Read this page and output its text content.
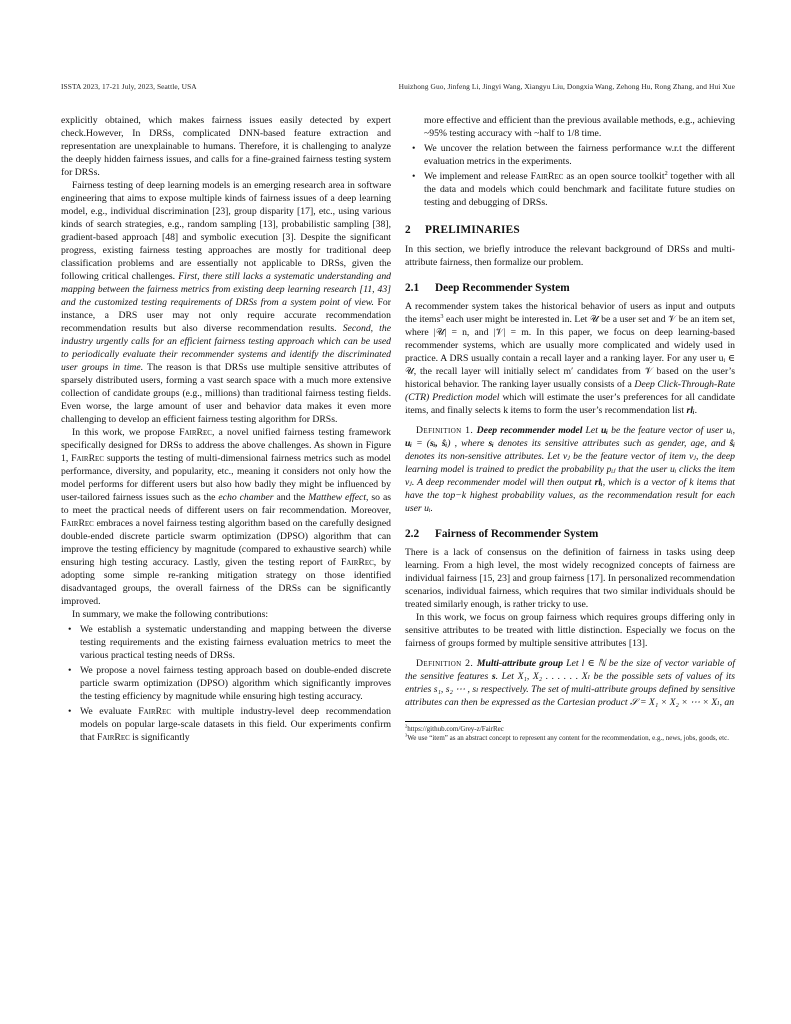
ISSTA 2023, 17-21 July, 2023, Seattle, USA	Huizhong Guo, Jinfeng Li, Jingyi Wang, Xiangyu Liu, Dongxia Wang, Zehong Hu, Rong Zhang, and Hui Xue
explicitly obtained, which makes fairness issues easily detected by expert check.However, In DRSs, complicated DNN-based feature extraction and representation are unexplainable to humans. Therefore, it is challenging to analyze the deeply hidden fairness issues, and calls for a fine-grained fairness testing system for DRSs.
Fairness testing of deep learning models is an emerging research area in software engineering that aims to expose multiple kinds of fairness issues of a deep learning model, e.g., individual discrimination [23], group disparity [17], etc., using various kinds of search strategies, e.g., random sampling [13], probabilistic sampling [38], gradient-based approach [48] and symbolic execution [3]. Despite the significant progress, existing fairness testing approaches are mostly for traditional deep classification problems and are essentially not applicable to DRSs, given the following critical challenges. First, there still lacks a systematic understanding and mapping between the fairness metrics from existing deep learning research [11, 43] and the customized testing requirements of DRSs from a system point of view. For instance, a DRS user may not only require accurate recommendation recommendation results but also diverse recommendation results. Second, the industry urgently calls for an efficient fairness testing approach which can be used to periodically evaluate their recommender systems and identify the discriminated user groups in time. The reason is that DRSs use multiple sensitive attributes of sparsely distributed users, forming a vast search space with a much more extensive collection of candidate groups (e.g., millions) than traditional fairness testing fields. Even worse, the large amount of user and behavior data makes it even more challenging to develop an efficient fairness testing algorithm for DRSs.
In this work, we propose FairRec, a novel unified fairness testing framework specifically designed for DRSs to address the above challenges. As shown in Figure 1, FairRec supports the testing of multi-dimensional fairness metrics such as model performance, diversity, and popularity, etc., meaning it considers not only how the model performs for different users but also how badly they might be influenced by user-tailored fairness issues such as the echo chamber and the Matthew effect, so as to meet the practical needs of different users on fair recommendation. Moreover, FairRec embraces a novel fairness testing algorithm based on the carefully designed double-ended discrete particle swarm optimization (DPSO) algorithm that can improve the testing efficiency by magnitude (compared to exhaustive search) while ensuring high testing accuracy. Lastly, given the testing report of FairRec, by adopting some simple re-ranking mitigation strategy on those identified disadvantaged groups, the overall fairness of the DRSs can be significantly improved.
In summary, we make the following contributions:
• We establish a systematic understanding and mapping between the diverse testing requirements and the existing fairness evaluation metrics to meet the various practical testing needs of DRSs.
• We propose a novel fairness testing approach based on double-ended discrete particle swarm optimization (DPSO) algorithm which significantly improves the testing efficiency by magnitude while ensuring high testing accuracy.
• We evaluate FairRec with multiple industry-level deep recommendation models on popular large-scale datasets in this field. Our experiments confirm that FairRec is significantly
more effective and efficient than the previous available methods, e.g., achieving ~95% testing accuracy with ~half to 1/8 time.
• We uncover the relation between the fairness performance w.r.t the different evaluation metrics in the experiments.
• We implement and release FairRec as an open source toolkit$^2$ together with all the data and models which could benchmark and facilitate future studies on testing and debugging of DRSs.
2 PRELIMINARIES
In this section, we briefly introduce the relevant background of DRSs and multi-attribute fairness, then formalize our problem.
2.1 Deep Recommender System
A recommender system takes the historical behavior of users as input and outputs the items$^3$ each user might be interested in. Let 𝒰 be a user set and 𝒱 be an item set, where |𝒰| = n, and |𝒱| = m. In this paper, we focus on deep learning-based recommender systems, which are usually more complicated and widely used in practice. A DRS usually contain a recall layer and a ranking layer. For any user uᵢ ∈ 𝒰, the recall layer will initially select m′ candidates from 𝒱 based on the user’s historical behavior. The ranking layer usually consists of a Deep Click-Through-Rate (CTR) Prediction model which will estimate the user’s preferences for all candidate items, and finally selects k items to form the user’s recommendation list rlᵢ.
Definition 1. Deep recommender model Let uᵢ be the feature vector of user uᵢ, uᵢ = (sᵢ, ŝᵢ) , where sᵢ denotes its sensitive attributes such as gender, age, and ŝᵢ denotes its non-sensitive attributes. Let vⱼ be the feature vector of item vⱼ, the deep learning model is trained to predict the probability pᵢⱼ that the user uᵢ clicks the item vⱼ. A deep recommender model will then output rlᵢ, which is a vector of k items that have the top−k highest probability values, as the recommendation result for each user uᵢ.
2.2 Fairness of Recommender System
There is a lack of consensus on the definition of fairness in tasks using deep learning. From a high level, the most widely recognized concepts of fairness are individual fairness [15, 23] and group fairness [17]. In personalized recommendation scenarios, individual fairness, which requires that two similar individuals should be treated similarly enough, is rather tricky to use.
In this work, we focus on group fairness which requires groups differing only in sensitive attributes to be treated with little distinction. Especially we focus on the fairness of groups formed by multiple sensitive attributes [13].
Definition 2. Multi-attribute group Let l ∈ ℕ be the size of vector variable of the sensitive features s. Let X₁, X₂ . . . . . . Xₗ be the possible sets of values of its entries s₁, s₂ ⋯ , sₗ respectively. The set of multi-attribute groups defined by sensitive attributes can then be expressed as the Cartesian product 𝒮 = X₁ × X₂ × ⋯ × Xₗ, an
$^2$https://github.com/Grey-z/FairRec
$^3$We use “item” as an abstract concept to represent any content for the recommendation, e.g., news, jobs, goods, etc.
